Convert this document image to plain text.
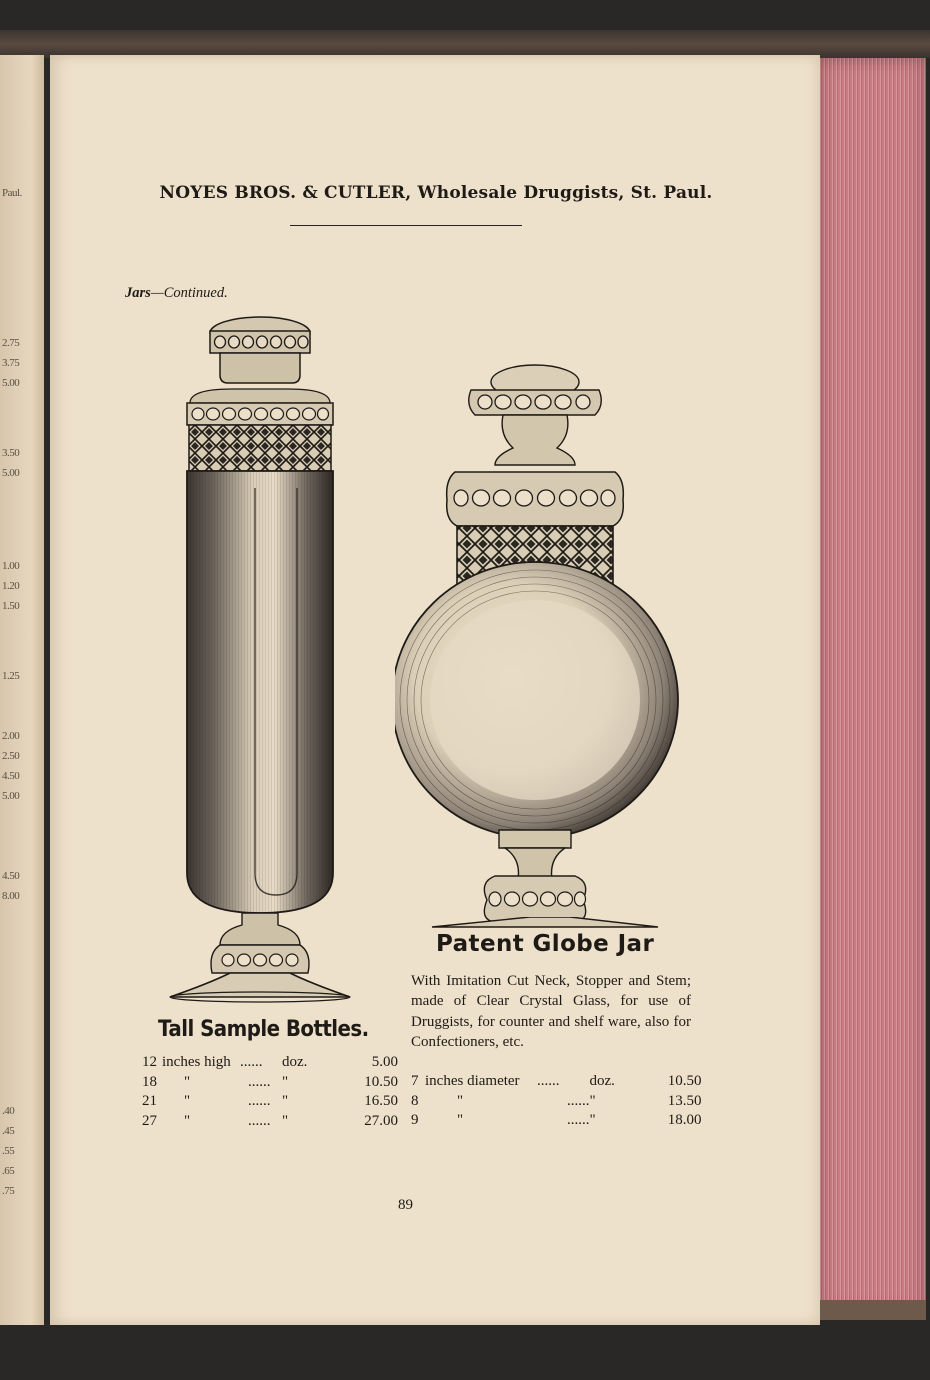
Paul.
2.75
3.75
5.00
3.50
5.00
1.00
1.20
1.50
1.25
2.00
2.50
4.50
5.00
4.50
8.00
.40
.45
.55
.65
.75
NOYES BROS. & CUTLER, Wholesale Druggists, St. Paul.
Jars—Continued.
Patent Globe Jar

With Imitation Cut Neck, Stopper and Stem; made of Clear Crystal Glass, for use of Druggists, for counter and shelf ware, also for Confectioners, etc.

7	inches diameter	......	doz.	10.50
8	"	......	"	13.50
9	"	......	"	18.00
Tall Sample Bottles.
12	inches high	......	doz.	5.00
18	"	......	"	10.50
21	"	......	"	16.50
27	"	......	"	27.00
89
